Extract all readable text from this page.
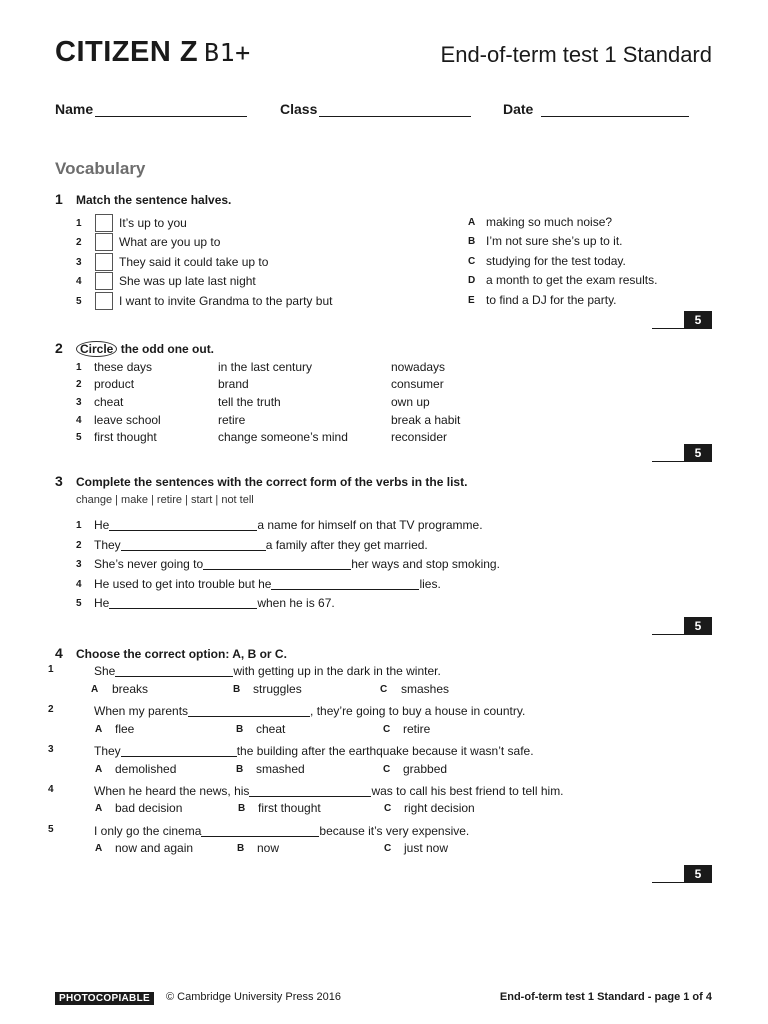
CITIZEN Z B1+	End-of-term test 1 Standard
Name	Class	Date
Vocabulary
1 Match the sentence halves.
1	It’s up to you
2	What are you up to
3	They said it could take up to
4	She was up late last night
5	I want to invite Grandma to the party but
A making so much noise?
B I’m not sure she’s up to it.
C studying for the test today.
D a month to get the exam results.
E to find a DJ for the party.
5
2 Circle the odd one out.
1	these days	in the last century	nowadays
2	product	brand	consumer
3	cheat	tell the truth	own up
4	leave school	retire	break a habit
5	first thought	change someone’s mind	reconsider
5
3 Complete the sentences with the correct form of the verbs in the list.
change | make | retire | start | not tell
1	He	a name for himself on that TV programme.
2	They	a family after they get married.
3	She’s never going to	her ways and stop smoking.
4	He used to get into trouble but he	lies.
5	He	when he is 67.
5
4 Choose the correct option: A, B or C.
1	She	with getting up in the dark in the winter.
A	breaks	B	struggles	C	smashes
2	When my parents	, they’re going to buy a house in country.
A	flee	B	cheat	C	retire
3	They	the building after the earthquake because it wasn’t safe.
A	demolished	B	smashed	C	grabbed
4	When he heard the news, his	was to call his best friend to tell him.
A	bad decision	B	first thought	C	right decision
5	I only go the cinema	because it’s very expensive.
A	now and again	B	now	C	just now
5
PHOTOCOPIABLE	© Cambridge University Press 2016	End-of-term test 1 Standard - page 1 of 4
